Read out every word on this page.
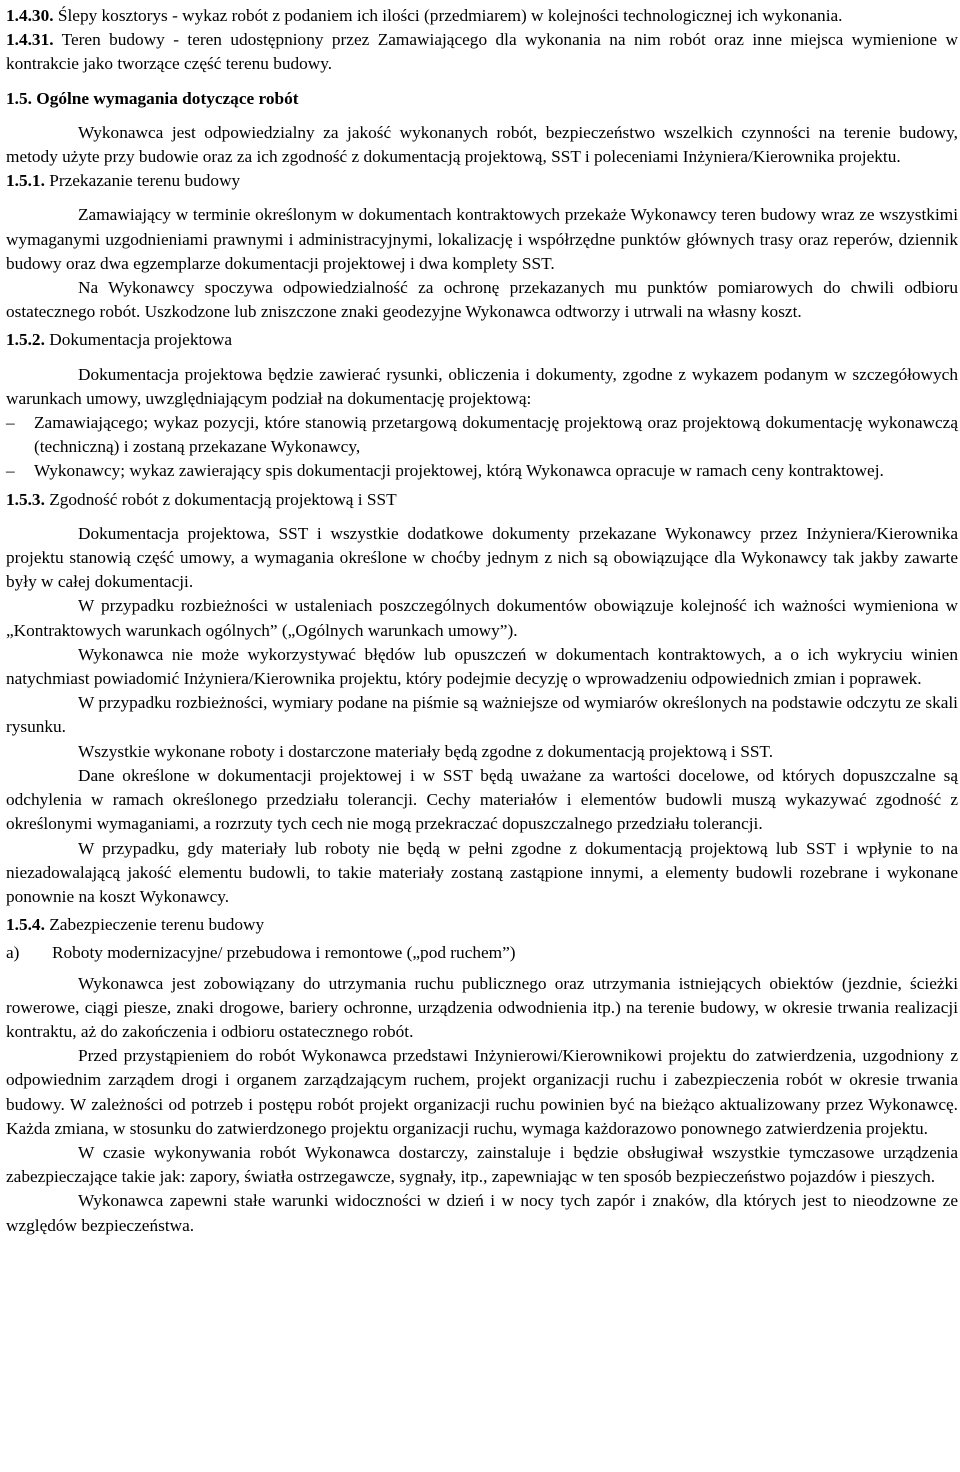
1.4.30. Ślepy kosztorys - wykaz robót z podaniem ich ilości (przedmiarem) w kolejności technologicznej ich wykonania.

1.4.31. Teren budowy - teren udostępniony przez Zamawiającego dla wykonania na nim robót oraz inne miejsca wymienione w kontrakcie jako tworzące część terenu budowy.

1.5. Ogólne wymagania dotyczące robót

Wykonawca jest odpowiedzialny za jakość wykonanych robót, bezpieczeństwo wszelkich czynności na terenie budowy, metody użyte przy budowie oraz za ich zgodność z dokumentacją projektową, SST i poleceniami Inżyniera/Kierownika projektu.

1.5.1. Przekazanie terenu budowy

Zamawiający w terminie określonym w dokumentach kontraktowych przekaże Wykonawcy teren budowy wraz ze wszystkimi wymaganymi uzgodnieniami prawnymi i administracyjnymi, lokalizację i współrzędne punktów głównych trasy oraz reperów, dziennik budowy oraz dwa egzemplarze dokumentacji projektowej i dwa komplety SST.

Na Wykonawcy spoczywa odpowiedzialność za ochronę przekazanych mu punktów pomiarowych do chwili odbioru ostatecznego robót. Uszkodzone lub zniszczone znaki geodezyjne Wykonawca odtworzy i utrwali na własny koszt.

1.5.2. Dokumentacja projektowa

Dokumentacja projektowa będzie zawierać rysunki, obliczenia i dokumenty, zgodne z wykazem podanym w szczegółowych warunkach umowy, uwzględniającym podział na dokumentację projektową:

–	Zamawiającego; wykaz pozycji, które stanowią przetargową dokumentację projektową oraz projektową dokumentację wykonawczą (techniczną) i zostaną przekazane Wykonawcy,
–	Wykonawcy; wykaz zawierający spis dokumentacji projektowej, którą Wykonawca opracuje w ramach ceny kontraktowej.

1.5.3. Zgodność robót z dokumentacją projektową i SST

Dokumentacja projektowa, SST i wszystkie dodatkowe dokumenty przekazane Wykonawcy przez Inżyniera/Kierownika projektu stanowią część umowy, a wymagania określone w choćby jednym z nich są obowiązujące dla Wykonawcy tak jakby zawarte były w całej dokumentacji.

W przypadku rozbieżności w ustaleniach poszczególnych dokumentów obowiązuje kolejność ich ważności wymieniona w „Kontraktowych warunkach ogólnych” („Ogólnych warunkach umowy”).

Wykonawca nie może wykorzystywać błędów lub opuszczeń w dokumentach kontraktowych, a o ich wykryciu winien natychmiast powiadomić Inżyniera/Kierownika projektu, który podejmie decyzję o wprowadzeniu odpowiednich zmian i poprawek.

W przypadku rozbieżności, wymiary podane na piśmie są ważniejsze od wymiarów określonych na podstawie odczytu ze skali rysunku.

Wszystkie wykonane roboty i dostarczone materiały będą zgodne z dokumentacją projektową i SST.

Dane określone w dokumentacji projektowej i w SST będą uważane za wartości docelowe, od których dopuszczalne są odchylenia w ramach określonego przedziału tolerancji. Cechy materiałów i elementów budowli muszą wykazywać zgodność z określonymi wymaganiami, a rozrzuty tych cech nie mogą przekraczać dopuszczalnego przedziału tolerancji.

W przypadku, gdy materiały lub roboty nie będą w pełni zgodne z dokumentacją projektową lub SST i wpłynie to na niezadowalającą jakość elementu budowli, to takie materiały zostaną zastąpione innymi, a elementy budowli rozebrane i wykonane ponownie na koszt Wykonawcy.

1.5.4. Zabezpieczenie terenu budowy

a) Roboty modernizacyjne/ przebudowa i remontowe („pod ruchem”)

Wykonawca jest zobowiązany do utrzymania ruchu publicznego oraz utrzymania istniejących obiektów (jezdnie, ścieżki rowerowe, ciągi piesze, znaki drogowe, bariery ochronne, urządzenia odwodnienia itp.) na terenie budowy, w okresie trwania realizacji kontraktu, aż do zakończenia i odbioru ostatecznego robót.

Przed przystąpieniem do robót Wykonawca przedstawi Inżynierowi/Kierownikowi projektu do zatwierdzenia, uzgodniony z odpowiednim zarządem drogi i organem zarządzającym ruchem, projekt organizacji ruchu i zabezpieczenia robót w okresie trwania budowy. W zależności od potrzeb i postępu robót projekt organizacji ruchu powinien być na bieżąco aktualizowany przez Wykonawcę. Każda zmiana, w stosunku do zatwierdzonego projektu organizacji ruchu, wymaga każdorazowo ponownego zatwierdzenia projektu.

W czasie wykonywania robót Wykonawca dostarczy, zainstaluje i będzie obsługiwał wszystkie tymczasowe urządzenia zabezpieczające takie jak: zapory, światła ostrzegawcze, sygnały, itp., zapewniając w ten sposób bezpieczeństwo pojazdów i pieszych.

Wykonawca zapewni stałe warunki widoczności w dzień i w nocy tych zapór i znaków, dla których jest to nieodzowne ze względów bezpieczeństwa.
